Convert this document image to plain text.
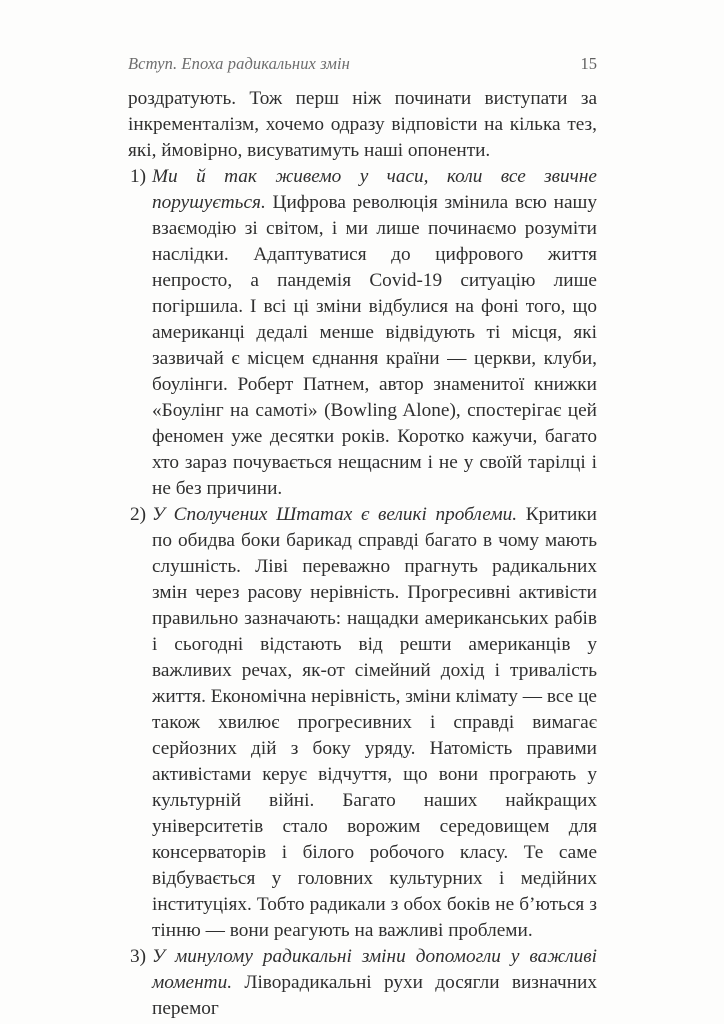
Вступ. Епоха радикальних змін	15

роздратують. Тож перш ніж починати виступати за інкременталізм, хочемо одразу відповісти на кілька тез, які, ймовірно, висуватимуть наші опоненти.

1) Ми й так живемо у часи, коли все звичне порушується. Цифрова революція змінила всю нашу взаємодію зі світом, і ми лише починаємо розуміти наслідки. Адаптуватися до цифрового життя непросто, а пандемія Covid-19 ситуацію лише погіршила. І всі ці зміни відбулися на фоні того, що американці дедалі менше відвідують ті місця, які зазвичай є місцем єднання країни — церкви, клуби, боулінги. Роберт Патнем, автор знаменитої книжки «Боулінг на самоті» (Bowling Alone), спостерігає цей феномен уже десятки років. Коротко кажучи, багато хто зараз почувається нещасним і не у своїй тарілці і не без причини.

2) У Сполучених Штатах є великі проблеми. Критики по обидва боки барикад справді багато в чому мають слушність. Ліві переважно прагнуть радикальних змін через расову нерівність. Прогресивні активісти правильно зазначають: нащадки американських рабів і сьогодні відстають від решти американців у важливих речах, як-от сімейний дохід і тривалість життя. Економічна нерівність, зміни клімату — все це також хвилює прогресивних і справді вимагає серйозних дій з боку уряду. Натомість правими активістами керує відчуття, що вони програють у культурній війні. Багато наших найкращих університетів стало ворожим середовищем для консерваторів і білого робочого класу. Те саме відбувається у головних культурних і медійних інституціях. Тобто радикали з обох боків не б’ються з тінню — вони реагують на важливі проблеми.

3) У минулому радикальні зміни допомогли у важливі моменти. Ліворадикальні рухи досягли визначних перемог
